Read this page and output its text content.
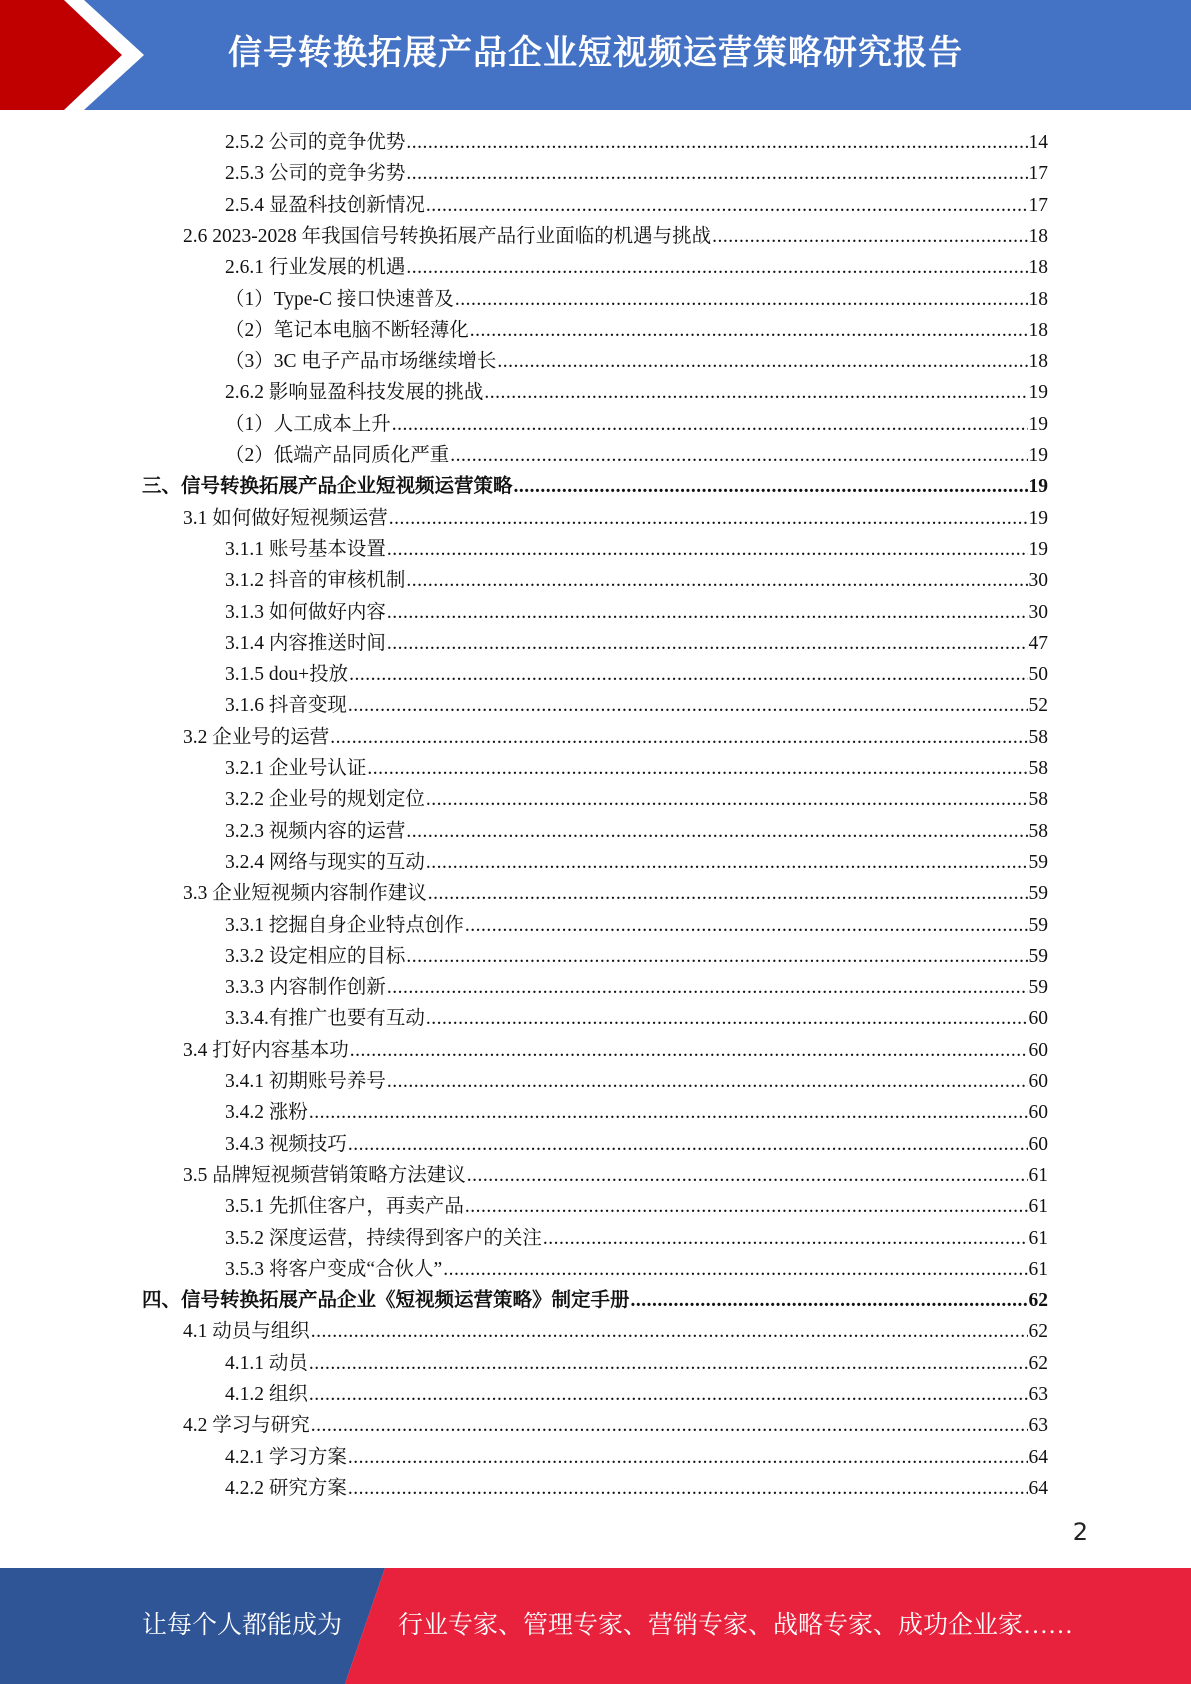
信号转换拓展产品企业短视频运营策略研究报告
2.5.2 公司的竞争优势 .....	14
2.5.3 公司的竞争劣势 .....	17
2.5.4 显盈科技创新情况 .....	17
2.6 2023-2028 年我国信号转换拓展产品行业面临的机遇与挑战 .....	18
2.6.1 行业发展的机遇 .....	18
（1）Type-C 接口快速普及 .....	18
（2）笔记本电脑不断轻薄化 .....	18
（3）3C 电子产品市场继续增长 .....	18
2.6.2 影响显盈科技发展的挑战 .....	19
（1）人工成本上升 .....	19
（2）低端产品同质化严重 .....	19
三、信号转换拓展产品企业短视频运营策略 .....	19
3.1 如何做好短视频运营 .....	19
3.1.1 账号基本设置 .....	19
3.1.2 抖音的审核机制 .....	30
3.1.3 如何做好内容 .....	30
3.1.4 内容推送时间 .....	47
3.1.5 dou+投放 .....	50
3.1.6 抖音变现 .....	52
3.2 企业号的运营 .....	58
3.2.1 企业号认证 .....	58
3.2.2 企业号的规划定位 .....	58
3.2.3 视频内容的运营 .....	58
3.2.4 网络与现实的互动 .....	59
3.3 企业短视频内容制作建议 .....	59
3.3.1 挖掘自身企业特点创作 .....	59
3.3.2 设定相应的目标 .....	59
3.3.3 内容制作创新 .....	59
3.3.4.有推广也要有互动 .....	60
3.4 打好内容基本功 .....	60
3.4.1 初期账号养号 .....	60
3.4.2 涨粉 .....	60
3.4.3 视频技巧 .....	60
3.5 品牌短视频营销策略方法建议 .....	61
3.5.1 先抓住客户，再卖产品 .....	61
3.5.2 深度运营，持续得到客户的关注 .....	61
3.5.3 将客户变成“合伙人” .....	61
四、信号转换拓展产品企业《短视频运营策略》制定手册 .....	62
4.1 动员与组织 .....	62
4.1.1 动员 .....	62
4.1.2 组织 .....	63
4.2 学习与研究 .....	63
4.2.1 学习方案 .....	64
4.2.2 研究方案 .....	64
2
让每个人都能成为 行业专家、管理专家、营销专家、战略专家、成功企业家……
